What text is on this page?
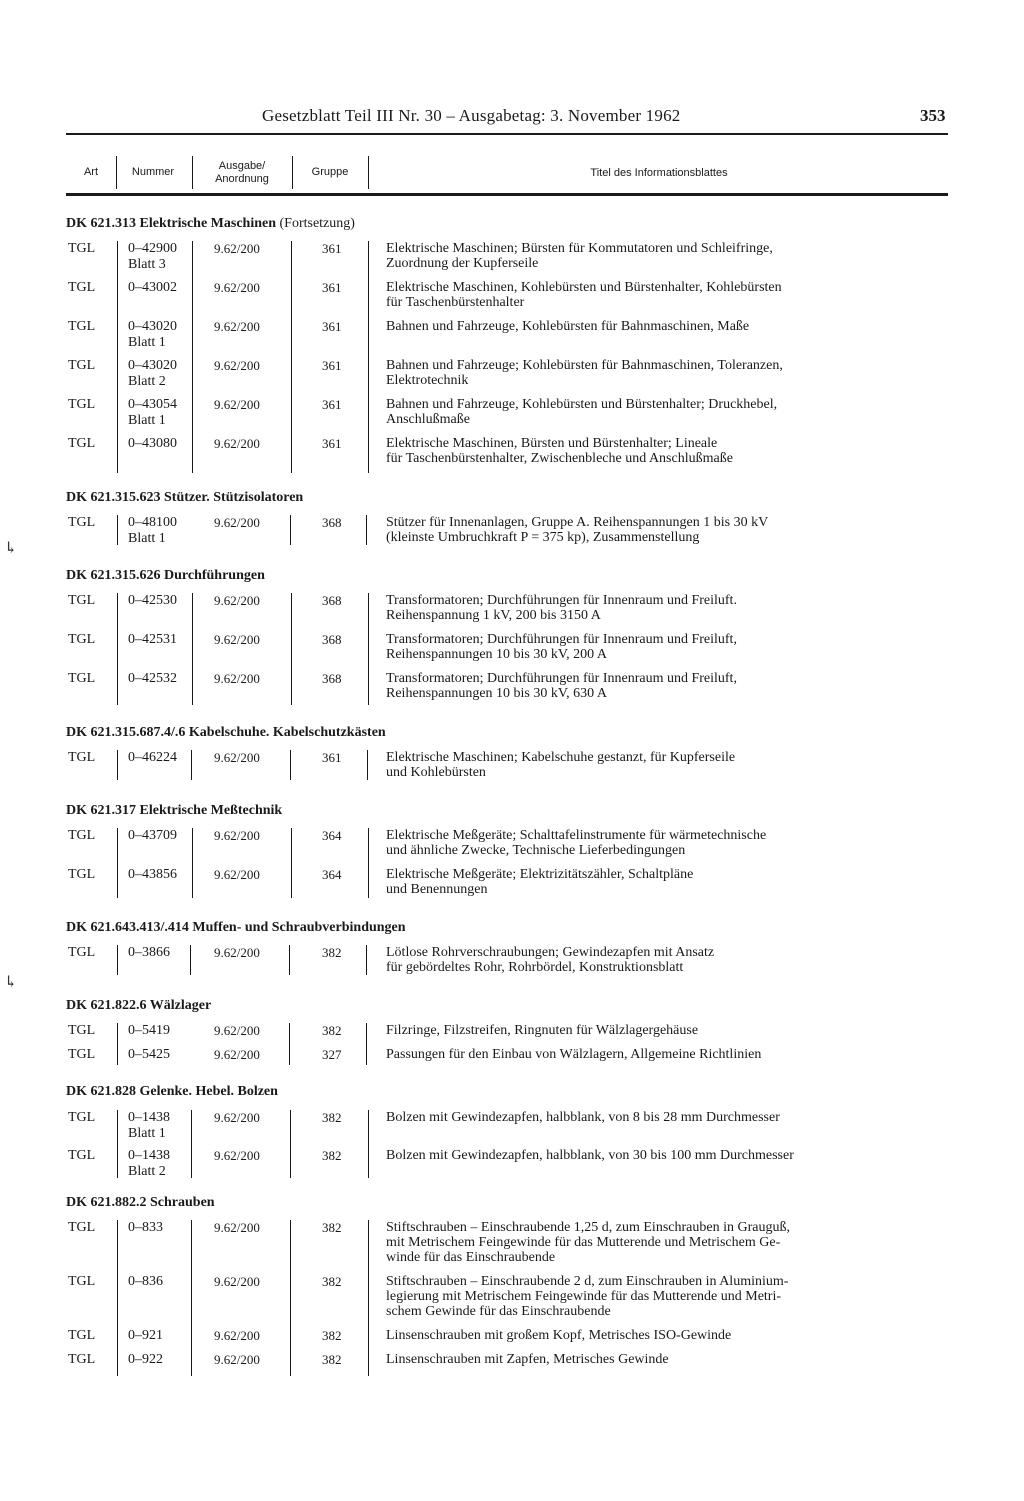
Gesetzblatt Teil III Nr. 30 – Ausgabetag: 3. November 1962	353
Art	Nummer	Ausgabe/
Anordnung
Gruppe	Titel des Informationsblattes
DK 621.313 Elektrische Maschinen (Fortsetzung)
DK 621.315.623 Stützer. Stützisolatoren
DK 621.315.626 Durchführungen
DK 621.315.687.4/.6 Kabelschuhe. Kabelschutzkästen
DK 621.317 Elektrische Meßtechnik
DK 621.643.413/.414 Muffen- und Schraubverbindungen
DK 621.822.6 Wälzlager
DK 621.828 Gelenke. Hebel. Bolzen
DK 621.882.2 Schrauben
TGL 0–42900
Blatt 3
9.62/200	361	Elektrische Maschinen; Bürsten für Kommutatoren und Schleifringe,
Zuordnung der Kupferseile
TGL 0–43002	9.62/200	361	Elektrische Maschinen, Kohlebürsten und Bürstenhalter, Kohlebürsten
für Taschenbürstenhalter
TGL 0–43020
Blatt 1
9.62/200	361	Bahnen und Fahrzeuge, Kohlebürsten für Bahnmaschinen, Maße
TGL 0–43020
Blatt 2
9.62/200	361	Bahnen und Fahrzeuge; Kohlebürsten für Bahnmaschinen, Toleranzen,
Elektrotechnik
TGL 0–43054
Blatt 1
9.62/200	361	Bahnen und Fahrzeuge, Kohlebürsten und Bürstenhalter; Druckhebel,
Anschlußmaße
TGL 0–43080	9.62/200	361	Elektrische Maschinen, Bürsten und Bürstenhalter; Lineale
für Taschenbürstenhalter, Zwischenbleche und Anschlußmaße
TGL 0–48100
Blatt 1
9.62/200	368	Stützer für Innenanlagen, Gruppe A. Reihenspannungen 1 bis 30 kV
(kleinste Umbruchkraft P = 375 kp), Zusammenstellung
TGL 0–42530	9.62/200	368	Transformatoren; Durchführungen für Innenraum und Freiluft.
Reihenspannung 1 kV, 200 bis 3150 A
TGL 0–42531	9.62/200	368	Transformatoren; Durchführungen für Innenraum und Freiluft,
Reihenspannungen 10 bis 30 kV, 200 A
TGL 0–42532	9.62/200	368	Transformatoren; Durchführungen für Innenraum und Freiluft,
Reihenspannungen 10 bis 30 kV, 630 A
TGL 0–46224	9.62/200	361	Elektrische Maschinen; Kabelschuhe gestanzt, für Kupferseile
und Kohlebürsten
TGL 0–43709	9.62/200	364	Elektrische Meßgeräte; Schalttafelinstrumente für wärmetechnische
und ähnliche Zwecke, Technische Lieferbedingungen
TGL 0–43856	9.62/200	364	Elektrische Meßgeräte; Elektrizitätszähler, Schaltpläne
und Benennungen
TGL 0–3866	9.62/200	382	Lötlose Rohrverschraubungen; Gewindezapfen mit Ansatz
für gebördeltes Rohr, Rohrbördel, Konstruktionsblatt
TGL 0–5419	9.62/200	382	Filzringe, Filzstreifen, Ringnuten für Wälzlagergehäuse
TGL 0–5425	9.62/200	327	Passungen für den Einbau von Wälzlagern, Allgemeine Richtlinien
TGL 0–1438
Blatt 1
9.62/200	382	Bolzen mit Gewindezapfen, halbblank, von 8 bis 28 mm Durchmesser
TGL 0–1438
Blatt 2
9.62/200	382	Bolzen mit Gewindezapfen, halbblank, von 30 bis 100 mm Durchmesser
TGL 0–833	9.62/200	382	Stiftschrauben – Einschraubende 1,25 d, zum Einschrauben in Grauguß,
mit Metrischem Feingewinde für das Mutterende und Metrischem Ge-
winde für das Einschraubende
TGL 0–836	9.62/200	382	Stiftschrauben – Einschraubende 2 d, zum Einschrauben in Aluminium-
legierung mit Metrischem Feingewinde für das Mutterende und Metri-
schem Gewinde für das Einschraubende
TGL 0–921	9.62/200	382	Linsenschrauben mit großem Kopf, Metrisches ISO-Gewinde
TGL 0–922	9.62/200	382	Linsenschrauben mit Zapfen, Metrisches Gewinde
↳
↳
